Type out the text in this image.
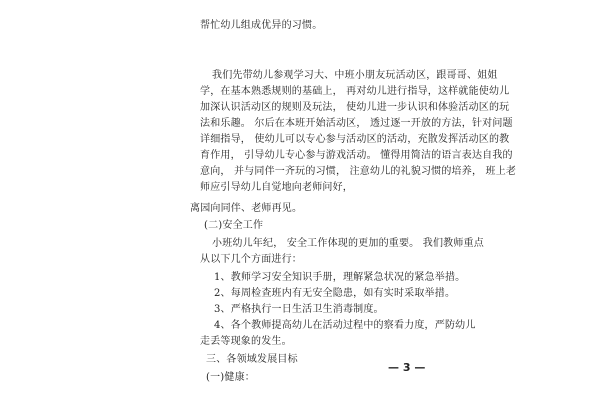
帮忙幼儿组成优异的习惯。
我们先带幼儿参观学习大、中班小朋友玩活动区，跟哥哥、姐姐
学，在基本熟悉规则的基础上， 再对幼儿进行指导，这样就能使幼儿
加深认识活动区的规则及玩法， 使幼儿进一步认识和体验活动区的玩
法和乐趣。 尔后在本班开始活动区， 透过逐一开放的方法，针对问题
详细指导， 使幼儿可以专心参与活动区的活动，充散发挥活动区的教
育作用， 引导幼儿专心参与游戏活动。 懂得用简洁的语言表达自我的
意向， 并与同伴一齐玩的习惯， 注意幼儿的礼貌习惯的培养， 班上老
师应引导幼儿自觉地向老师问好，
离园向同伴、老师再见。
(二)安全工作
小班幼儿年纪， 安全工作体现的更加的重要。 我们教师重点
从以下几个方面进行：
1、教师学习安全知识手册，理解紧急状况的紧急举措。
2、每周检查班内有无安全隐患，如有实时采取举措。
3、严格执行一日生活卫生消毒制度。
4、各个教师提高幼儿在活动过程中的察看力度，严防幼儿
走丢等现象的发生。
三、各领域发展目标
(一)健康：
— 3 —
